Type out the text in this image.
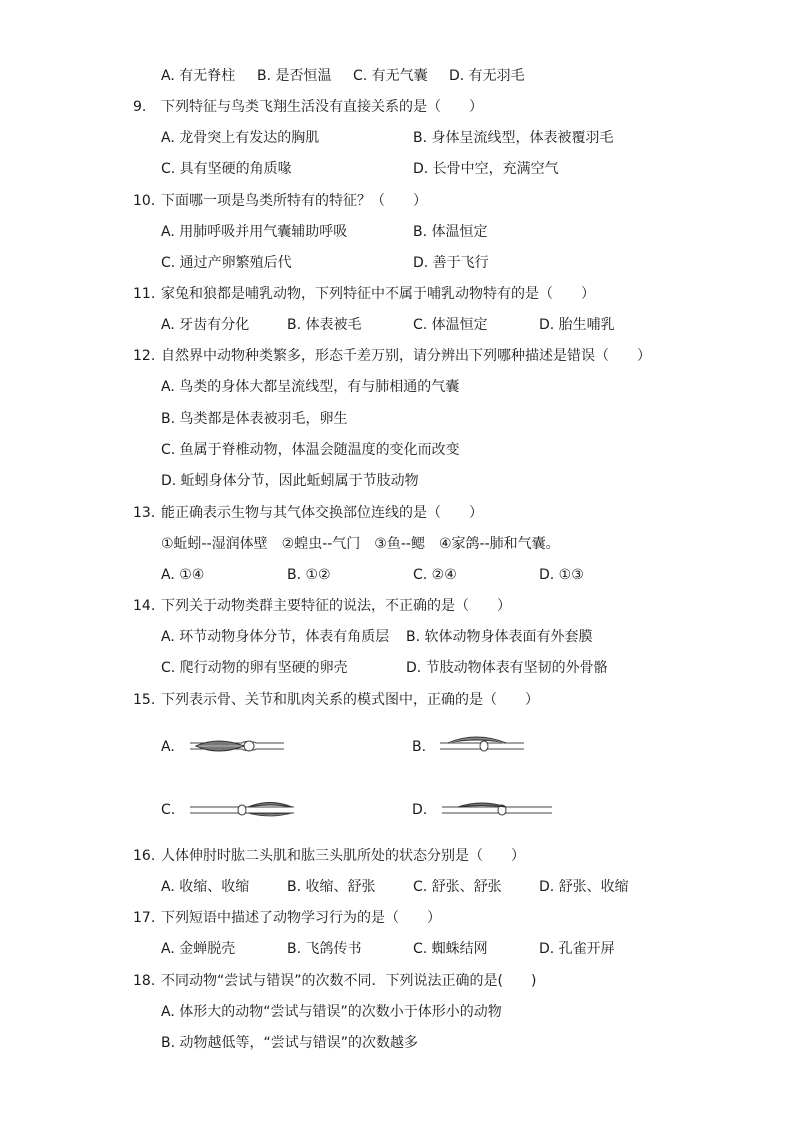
A. 有无脊柱 B. 是否恒温 C. 有无气囊 D. 有无羽毛
9. 下列特征与鸟类飞翔生活没有直接关系的是（　　）
A. 龙骨突上有发达的胸肌	B. 身体呈流线型，体表被覆羽毛
C. 具有坚硬的角质喙	D. 长骨中空，充满空气
10. 下面哪一项是鸟类所特有的特征？（　　）
A. 用肺呼吸并用气囊辅助呼吸	B. 体温恒定
C. 通过产卵繁殖后代	D. 善于飞行
11. 家兔和狼都是哺乳动物，下列特征中不属于哺乳动物特有的是（　　）
A. 牙齿有分化	B. 体表被毛	C. 体温恒定	D. 胎生哺乳
12. 自然界中动物种类繁多，形态千差万别，请分辨出下列哪种描述是错误（　　）
A. 鸟类的身体大都呈流线型，有与肺相通的气囊
B. 鸟类都是体表被羽毛，卵生
C. 鱼属于脊椎动物，体温会随温度的变化而改变
D. 蚯蚓身体分节，因此蚯蚓属于节肢动物
13. 能正确表示生物与其气体交换部位连线的是（　　）
①蚯蚓--湿润体壁　②蝗虫--气门　③鱼--鳃　④家鸽--肺和气囊。
A. ①④	B. ①②	C. ②④	D. ①③
14. 下列关于动物类群主要特征的说法，不正确的是（　　）
A. 环节动物身体分节，体表有角质层 B. 软体动物身体表面有外套膜
C. 爬行动物的卵有坚硬的卵壳	D. 节肢动物体表有坚韧的外骨骼
15. 下列表示骨、关节和肌肉关系的模式图中，正确的是（　　）
A.	B.
C.	D.
16. 人体伸肘时肱二头肌和肱三头肌所处的状态分别是（　　）
A. 收缩、收缩	B. 收缩、舒张	C. 舒张、舒张	D. 舒张、收缩
17. 下列短语中描述了动物学习行为的是（　　）
A. 金蝉脱壳	B. 飞鸽传书	C. 蜘蛛结网	D. 孔雀开屏
18. 不同动物“尝试与错误”的次数不同．下列说法正确的是(　　)
A. 体形大的动物“尝试与错误”的次数小于体形小的动物
B. 动物越低等，“尝试与错误”的次数越多
